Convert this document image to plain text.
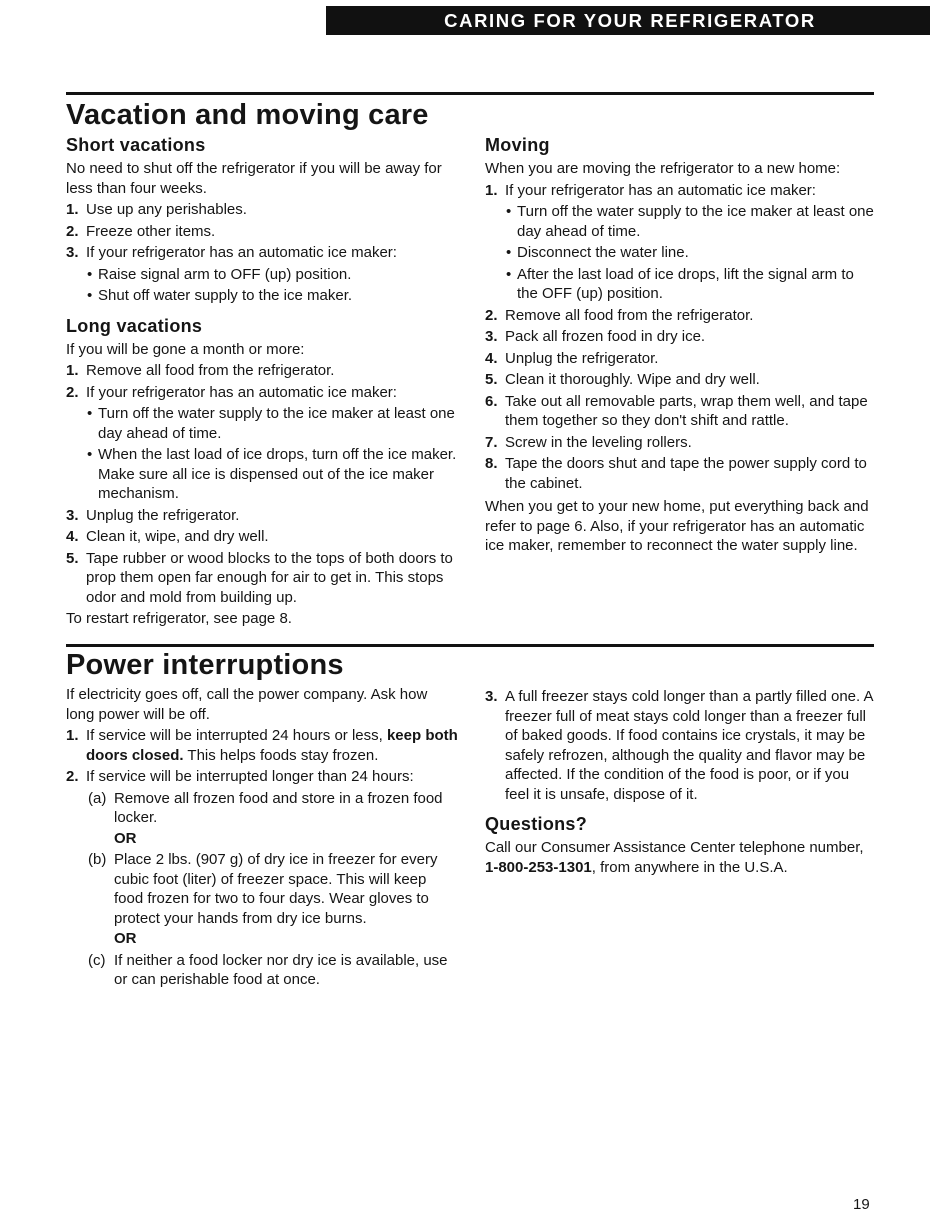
CARING FOR YOUR REFRIGERATOR
Vacation and moving care
Short vacations

No need to shut off the refrigerator if you will be away for less than four weeks.

1. Use up any perishables.
2. Freeze other items.
3. If your refrigerator has an automatic ice maker:
• Raise signal arm to OFF (up) position.
• Shut off water supply to the ice maker.
Long vacations

If you will be gone a month or more:

1. Remove all food from the refrigerator.
2. If your refrigerator has an automatic ice maker:
• Turn off the water supply to the ice maker at least one day ahead of time.
• When the last load of ice drops, turn off the ice maker. Make sure all ice is dispensed out of the ice maker mechanism.
3. Unplug the refrigerator.
4. Clean it, wipe, and dry well.
5. Tape rubber or wood blocks to the tops of both doors to prop them open far enough for air to get in. This stops odor and mold from building up.

To restart refrigerator, see page 8.

Moving

When you are moving the refrigerator to a new home:

1. If your refrigerator has an automatic ice maker:
• Turn off the water supply to the ice maker at least one day ahead of time.
• Disconnect the water line.
• After the last load of ice drops, lift the signal arm to the OFF (up) position.
2. Remove all food from the refrigerator.
3. Pack all frozen food in dry ice.
4. Unplug the refrigerator.
5. Clean it thoroughly. Wipe and dry well.
6. Take out all removable parts, wrap them well, and tape them together so they don't shift and rattle.
7. Screw in the leveling rollers.
8. Tape the doors shut and tape the power supply cord to the cabinet.

When you get to your new home, put everything back and refer to page 6. Also, if your refrigerator has an automatic ice maker, remember to reconnect the water supply line.

Power interruptions

If electricity goes off, call the power company. Ask how long power will be off.

1. If service will be interrupted 24 hours or less, keep both doors closed. This helps foods stay frozen.
2. If service will be interrupted longer than 24 hours:
(a) Remove all frozen food and store in a frozen food locker.
OR
(b) Place 2 lbs. (907 g) of dry ice in freezer for every cubic foot (liter) of freezer space. This will keep food frozen for two to four days. Wear gloves to protect your hands from dry ice burns.
OR
(c) If neither a food locker nor dry ice is available, use or can perishable food at once.
3. A full freezer stays cold longer than a partly filled one. A freezer full of meat stays cold longer than a freezer full of baked goods. If food contains ice crystals, it may be safely refrozen, although the quality and flavor may be affected. If the condition of the food is poor, or if you feel it is unsafe, dispose of it.
Questions?

Call our Consumer Assistance Center telephone number, 1-800-253-1301, from anywhere in the U.S.A.

19
